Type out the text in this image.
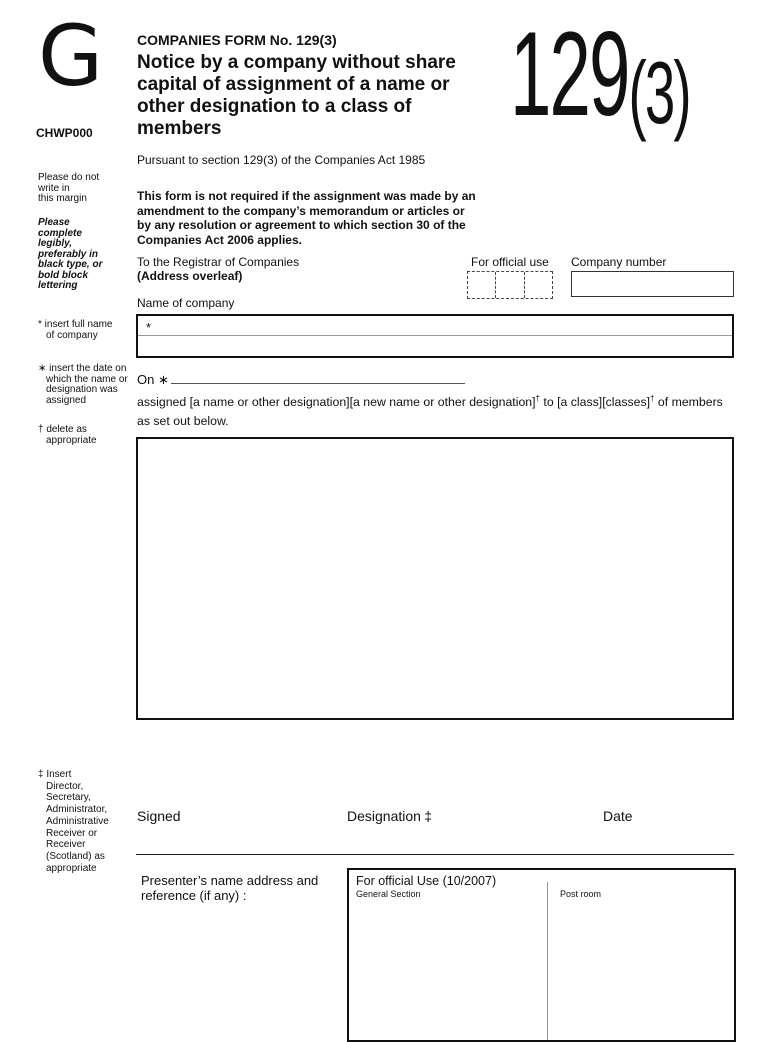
G
CHWP000
COMPANIES FORM No. 129(3)
Notice by a company without share capital of assignment of a name or other designation to a class of members	129(3)
Pursuant to section 129(3) of the Companies Act 1985
This form is not required if the assignment was made by an amendment to the company’s memorandum or articles or by any resolution or agreement to which section 30 of the Companies Act 2006 applies.
Please do not
write in
this margin
Please
complete
legibly,
preferably in
black type, or
bold block
lettering
* insert full name
of company
∗ insert the date on
which the name or
designation was
assigned
† delete as
appropriate
‡ Insert
Director,
Secretary,
Administrator,
Administrative
Receiver or
Receiver
(Scotland) as
appropriate
To the Registrar of Companies
(Address overleaf)
For official use Company number
Name of company
*
On ∗
assigned [a name or other designation][a new name or other designation]† to [a class][classes]† of members as set out below.
Signed	Designation ‡	Date
Presenter’s name address and reference (if any) :
For official Use (10/2007)
General Section	Post room
